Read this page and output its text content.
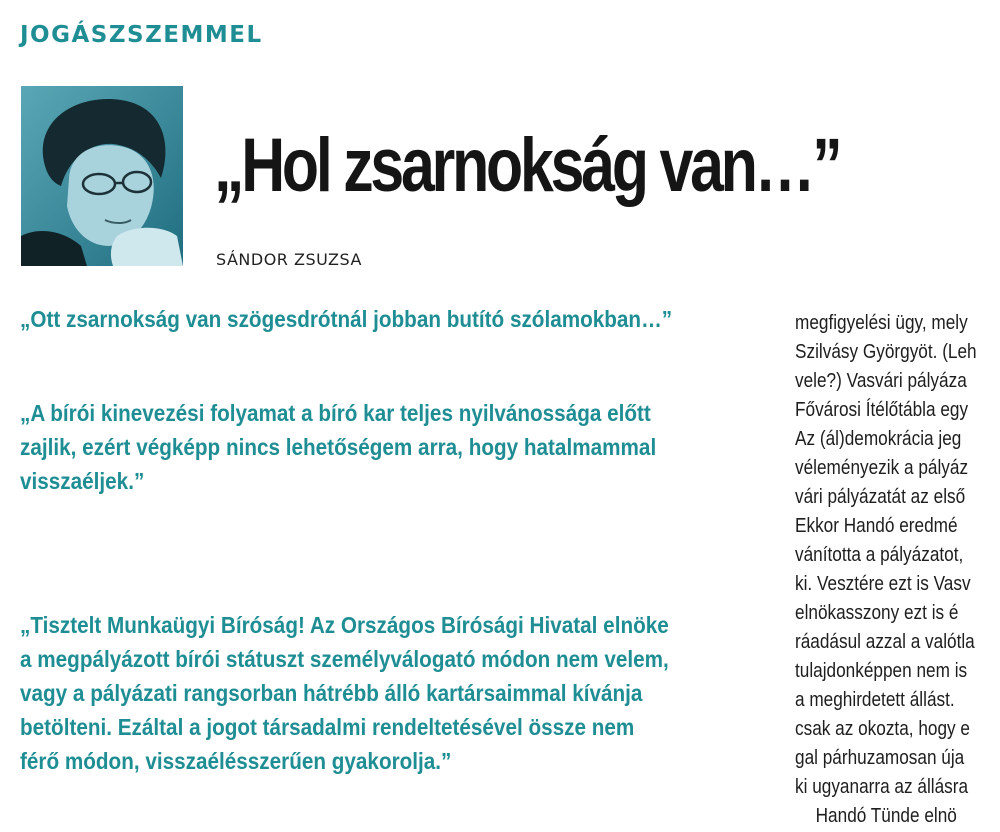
JOGÁSZSZEMMEL
„Hol zsarnokság van…”
SÁNDOR ZSUZSA
„Ott zsarnokság van szögesdrótnál jobban butító szólamokban…”
„A bírói kinevezési folyamat a bíró kar teljes nyilvánossága előtt
zajlik, ezért végképp nincs lehetőségem arra, hogy hatalmammal
visszaéljek.”
„Tisztelt Munkaügyi Bíróság! Az Országos Bírósági Hivatal elnöke
a megpályázott bírói státuszt személyválogató módon nem velem,
vagy a pályázati rangsorban hátrébb álló kartársaimmal kívánja
betölteni. Ezáltal a jogot társadalmi rendeltetésével össze nem
férő módon, visszaélésszerűen gyakorolja.”
megfigyelési ügy, mely
Szilvásy Györgyöt. (Leh
vele?) Vasvári pályáza
Fővárosi Ítélőtábla egy
Az (ál)demokrácia jeg
véleményezik a pályáz
vári pályázatát az első
Ekkor Handó eredmé
vánította a pályázatot,
ki. Vesztére ezt is Vasv
elnökasszony ezt is é
ráadásul azzal a valótla
tulajdonképpen nem is
a meghirdetett állást.
csak az okozta, hogy e
gal párhuzamosan úja
ki ugyanarra az állásra
Handó Tünde elnö
